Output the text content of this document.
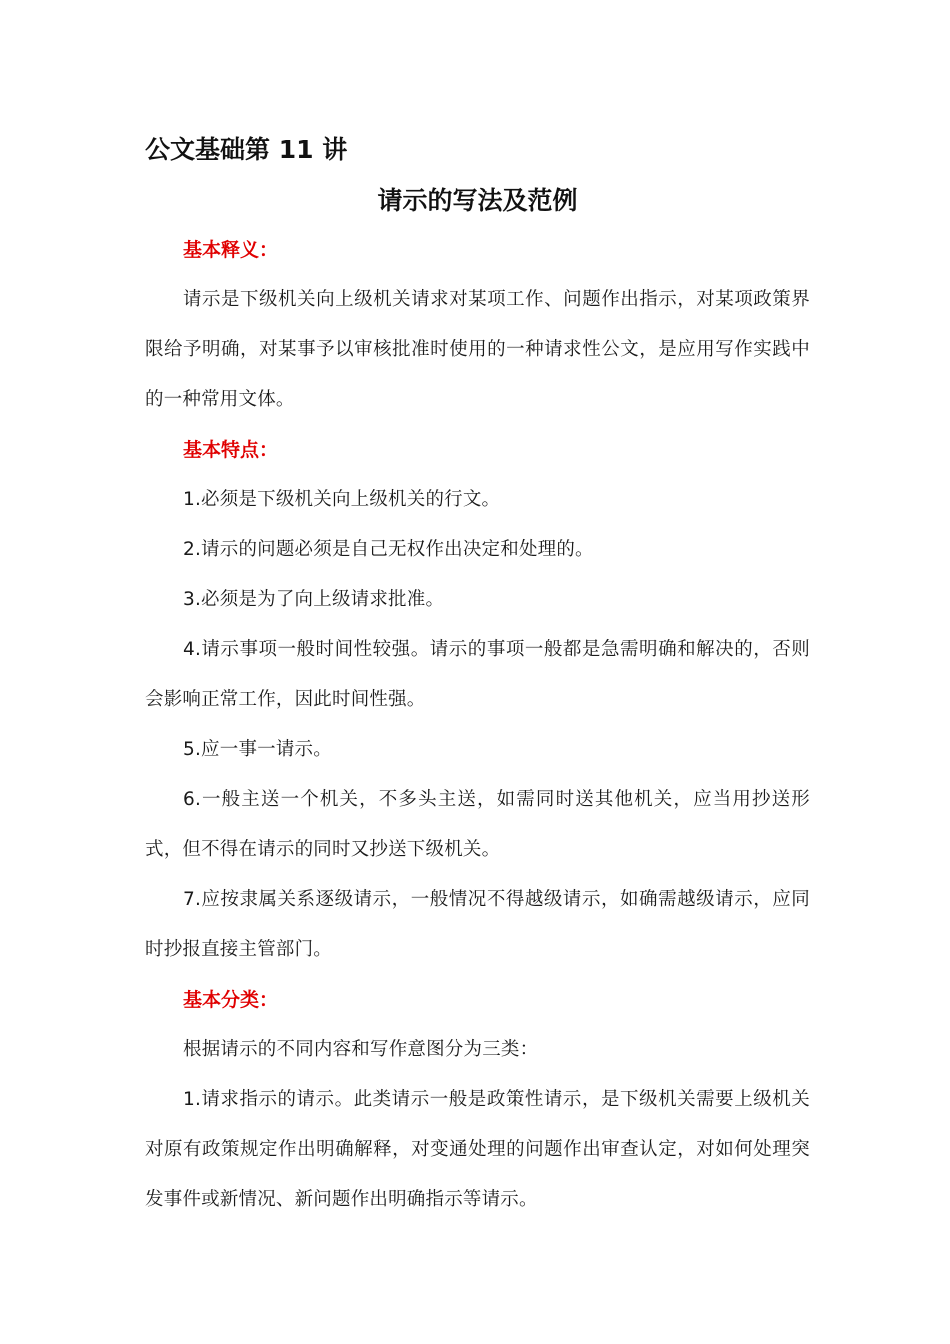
公文基础第 11 讲
请示的写法及范例

基本释义：

请示是下级机关向上级机关请求对某项工作、问题作出指示，对某项政策界限给予明确，对某事予以审核批准时使用的一种请求性公文，是应用写作实践中的一种常用文体。

基本特点：

1.必须是下级机关向上级机关的行文。

2.请示的问题必须是自己无权作出决定和处理的。

3.必须是为了向上级请求批准。

4.请示事项一般时间性较强。请示的事项一般都是急需明确和解决的，否则会影响正常工作，因此时间性强。

5.应一事一请示。

6.一般主送一个机关，不多头主送，如需同时送其他机关，应当用抄送形式，但不得在请示的同时又抄送下级机关。

7.应按隶属关系逐级请示，一般情况不得越级请示，如确需越级请示，应同时抄报直接主管部门。

基本分类：

根据请示的不同内容和写作意图分为三类：

1.请求指示的请示。此类请示一般是政策性请示，是下级机关需要上级机关对原有政策规定作出明确解释，对变通处理的问题作出审查认定，对如何处理突发事件或新情况、新问题作出明确指示等请示。
